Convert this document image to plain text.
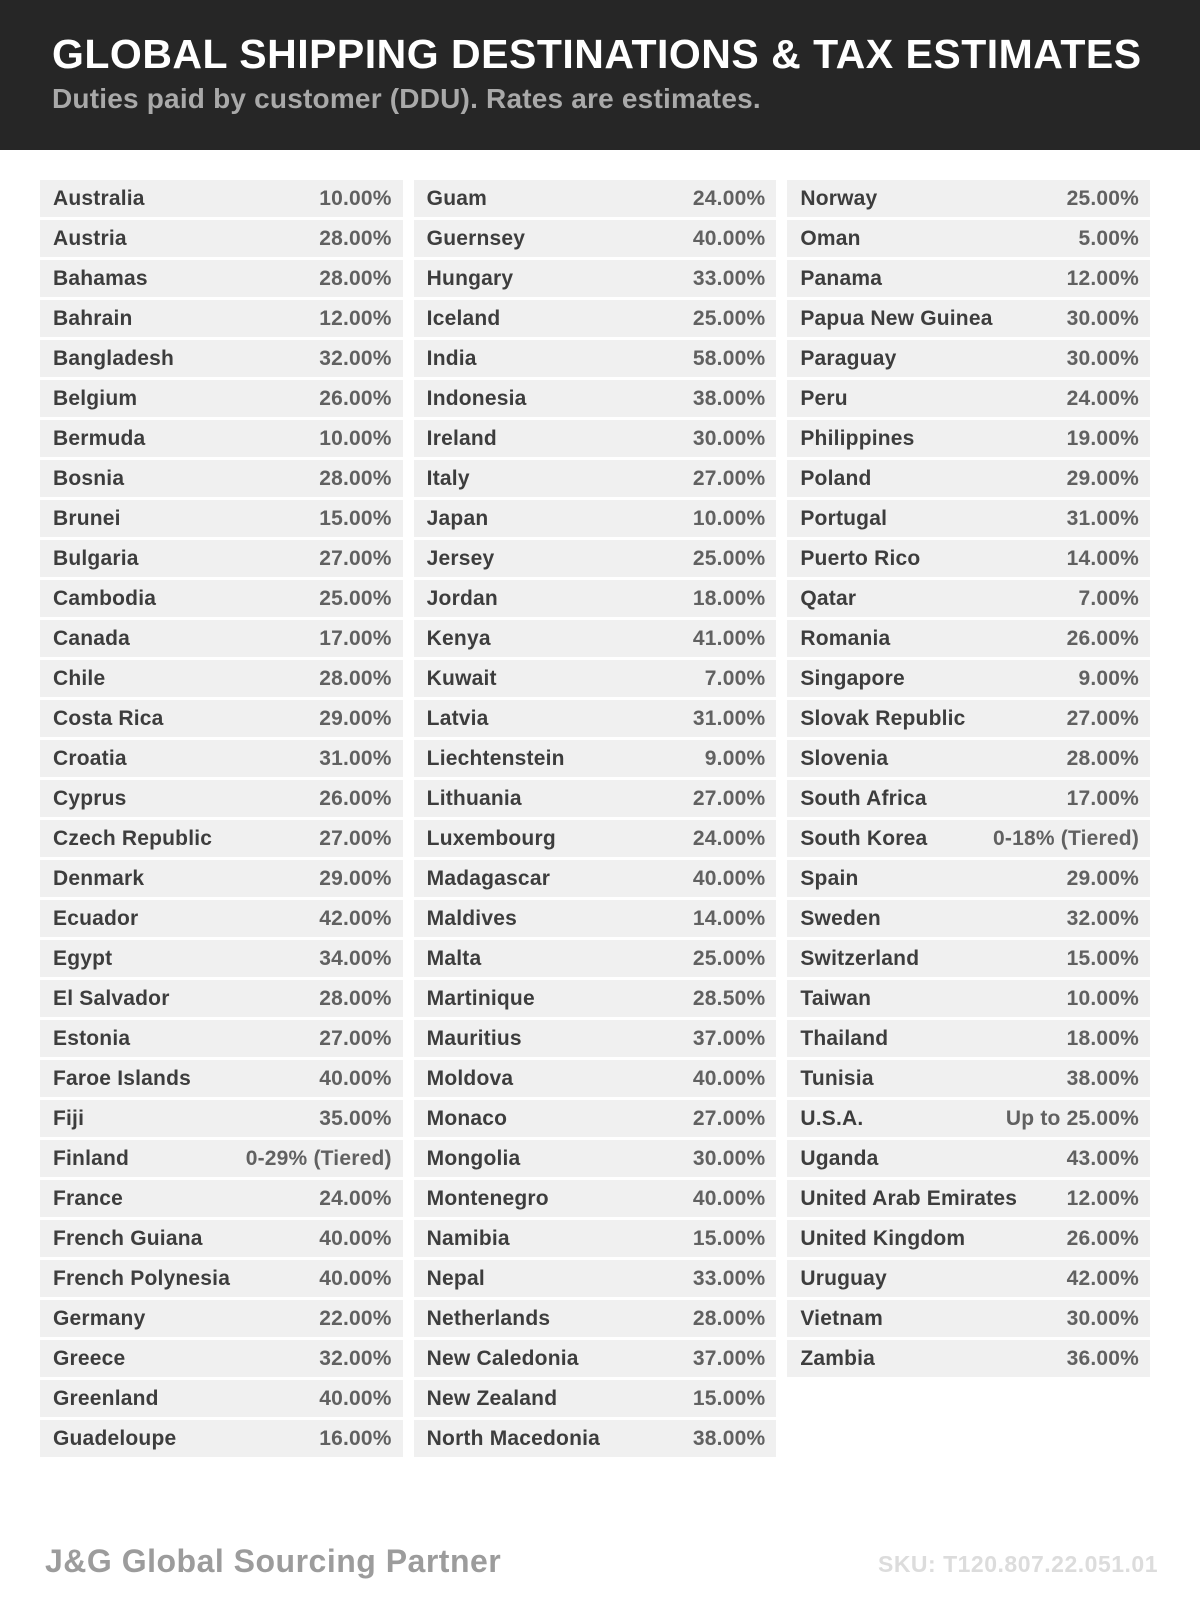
GLOBAL SHIPPING DESTINATIONS & TAX ESTIMATES

Duties paid by customer (DDU). Rates are estimates.

Australia	10.00%
Austria	28.00%
Bahamas	28.00%
Bahrain	12.00%
Bangladesh	32.00%
Belgium	26.00%
Bermuda	10.00%
Bosnia	28.00%
Brunei	15.00%
Bulgaria	27.00%
Cambodia	25.00%
Canada	17.00%
Chile	28.00%
Costa Rica	29.00%
Croatia	31.00%
Cyprus	26.00%
Czech Republic	27.00%
Denmark	29.00%
Ecuador	42.00%
Egypt	34.00%
El Salvador	28.00%
Estonia	27.00%
Faroe Islands	40.00%
Fiji	35.00%
Finland	0-29% (Tiered)
France	24.00%
French Guiana	40.00%
French Polynesia	40.00%
Germany	22.00%
Greece	32.00%
Greenland	40.00%
Guadeloupe	16.00%
Guam	24.00%
Guernsey	40.00%
Hungary	33.00%
Iceland	25.00%
India	58.00%
Indonesia	38.00%
Ireland	30.00%
Italy	27.00%
Japan	10.00%
Jersey	25.00%
Jordan	18.00%
Kenya	41.00%
Kuwait	7.00%
Latvia	31.00%
Liechtenstein	9.00%
Lithuania	27.00%
Luxembourg	24.00%
Madagascar	40.00%
Maldives	14.00%
Malta	25.00%
Martinique	28.50%
Mauritius	37.00%
Moldova	40.00%
Monaco	27.00%
Mongolia	30.00%
Montenegro	40.00%
Namibia	15.00%
Nepal	33.00%
Netherlands	28.00%
New Caledonia	37.00%
New Zealand	15.00%
North Macedonia	38.00%
Norway	25.00%
Oman	5.00%
Panama	12.00%
Papua New Guinea	30.00%
Paraguay	30.00%
Peru	24.00%
Philippines	19.00%
Poland	29.00%
Portugal	31.00%
Puerto Rico	14.00%
Qatar	7.00%
Romania	26.00%
Singapore	9.00%
Slovak Republic	27.00%
Slovenia	28.00%
South Africa	17.00%
South Korea	0-18% (Tiered)
Spain	29.00%
Sweden	32.00%
Switzerland	15.00%
Taiwan	10.00%
Thailand	18.00%
Tunisia	38.00%
U.S.A.	Up to 25.00%
Uganda	43.00%
United Arab Emirates 12.00%
United Kingdom	26.00%
Uruguay	42.00%
Vietnam	30.00%
Zambia	36.00%
J&G Global Sourcing Partner	SKU: T120.807.22.051.01
